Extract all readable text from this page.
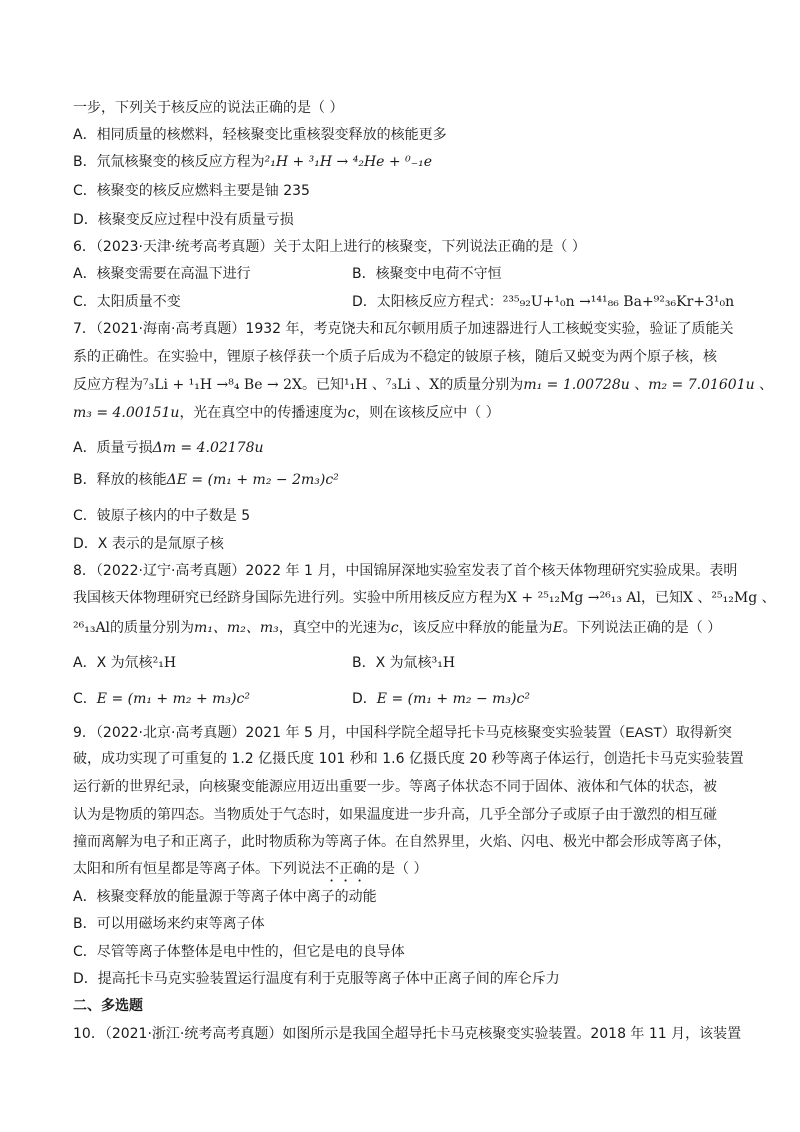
一步，下列关于核反应的说法正确的是（ ）
A．相同质量的核燃料，轻核聚变比重核裂变释放的核能更多
B．氘氚核聚变的核反应方程为²₁H + ³₁H → ⁴₂He + ⁰₋₁e
C．核聚变的核反应燃料主要是铀 235
D．核聚变反应过程中没有质量亏损
6．（2023·天津·统考高考真题）关于太阳上进行的核聚变，下列说法正确的是（ ）
A．核聚变需要在高温下进行	B．核聚变中电荷不守恒
C．太阳质量不变	D．太阳核反应方程式：²³⁵₉₂U+¹₀n →¹⁴¹₈₆ Ba+⁹²₃₆Kr+3¹₀n
7．（2021·海南·高考真题）1932 年，考克饶夫和瓦尔顿用质子加速器进行人工核蜕变实验，验证了质能关
系的正确性。在实验中，锂原子核俘获一个质子后成为不稳定的铍原子核，随后又蜕变为两个原子核，核
反应方程为⁷₃Li + ¹₁H →⁸₄ Be → 2X。已知¹₁H 、⁷₃Li 、X的质量分别为m₁ = 1.00728u 、m₂ = 7.01601u 、
m₃ = 4.00151u，光在真空中的传播速度为c，则在该核反应中（ ）
A．质量亏损Δm = 4.02178u
B．释放的核能ΔE = (m₁ + m₂ − 2m₃)c²
C．铍原子核内的中子数是 5
D．X 表示的是氚原子核
8．（2022·辽宁·高考真题）2022 年 1 月，中国锦屏深地实验室发表了首个核天体物理研究实验成果。表明
我国核天体物理研究已经跻身国际先进行列。实验中所用核反应方程为X + ²⁵₁₂Mg →²⁶₁₃ Al，已知X 、²⁵₁₂Mg 、
²⁶₁₃Al的质量分别为m₁、m₂、m₃，真空中的光速为c，该反应中释放的能量为E。下列说法正确的是（ ）
A．X 为氘核²₁H	B．X 为氚核³₁H
C．E = (m₁ + m₂ + m₃)c²	D．E = (m₁ + m₂ − m₃)c²
9．（2022·北京·高考真题）2021 年 5 月，中国科学院全超导托卡马克核聚变实验装置（EAST）取得新突
破，成功实现了可重复的 1.2 亿摄氏度 101 秒和 1.6 亿摄氏度 20 秒等离子体运行，创造托卡马克实验装置
运行新的世界纪录，向核聚变能源应用迈出重要一步。等离子体状态不同于固体、液体和气体的状态，被
认为是物质的第四态。当物质处于气态时，如果温度进一步升高，几乎全部分子或原子由于激烈的相互碰
撞而离解为电子和正离子，此时物质称为等离子体。在自然界里，火焰、闪电、极光中都会形成等离子体，
太阳和所有恒星都是等离子体。下列说法不正确的是（ ）
A．核聚变释放的能量源于等离子体中离子的动能
B．可以用磁场来约束等离子体
C．尽管等离子体整体是电中性的，但它是电的良导体
D．提高托卡马克实验装置运行温度有利于克服等离子体中正离子间的库仑斥力
二、多选题
10．（2021·浙江·统考高考真题）如图所示是我国全超导托卡马克核聚变实验装置。2018 年 11 月，该装置
